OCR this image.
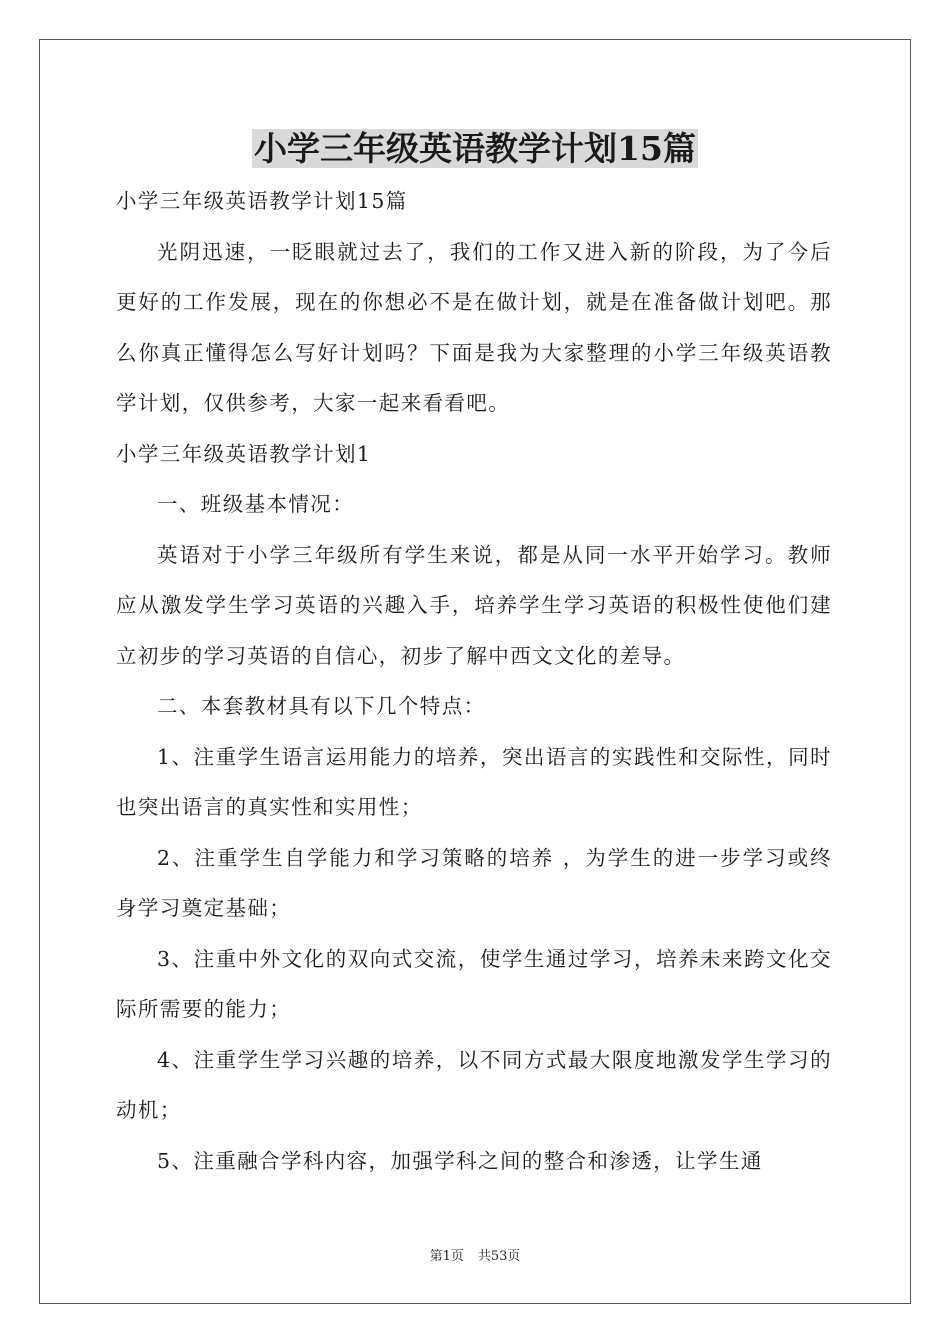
小学三年级英语教学计划15篇

小学三年级英语教学计划15篇

光阴迅速，一眨眼就过去了，我们的工作又进入新的阶段，为了今后更好的工作发展，现在的你想必不是在做计划，就是在准备做计划吧。那么你真正懂得怎么写好计划吗？下面是我为大家整理的小学三年级英语教学计划，仅供参考，大家一起来看看吧。

小学三年级英语教学计划1

一、班级基本情况：

英语对于小学三年级所有学生来说，都是从同一水平开始学习。教师应从激发学生学习英语的兴趣入手，培养学生学习英语的积极性使他们建立初步的学习英语的自信心，初步了解中西文文化的差导。

二、本套教材具有以下几个特点：

1、注重学生语言运用能力的培养，突出语言的实践性和交际性，同时也突出语言的真实性和实用性；

2、注重学生自学能力和学习策略的培养 ，为学生的进一步学习或终身学习奠定基础；

3、注重中外文化的双向式交流，使学生通过学习，培养未来跨文化交际所需要的能力；

4、注重学生学习兴趣的培养，以不同方式最大限度地激发学生学习的动机；

5、注重融合学科内容，加强学科之间的整合和渗透，让学生通

第1页 共53页
